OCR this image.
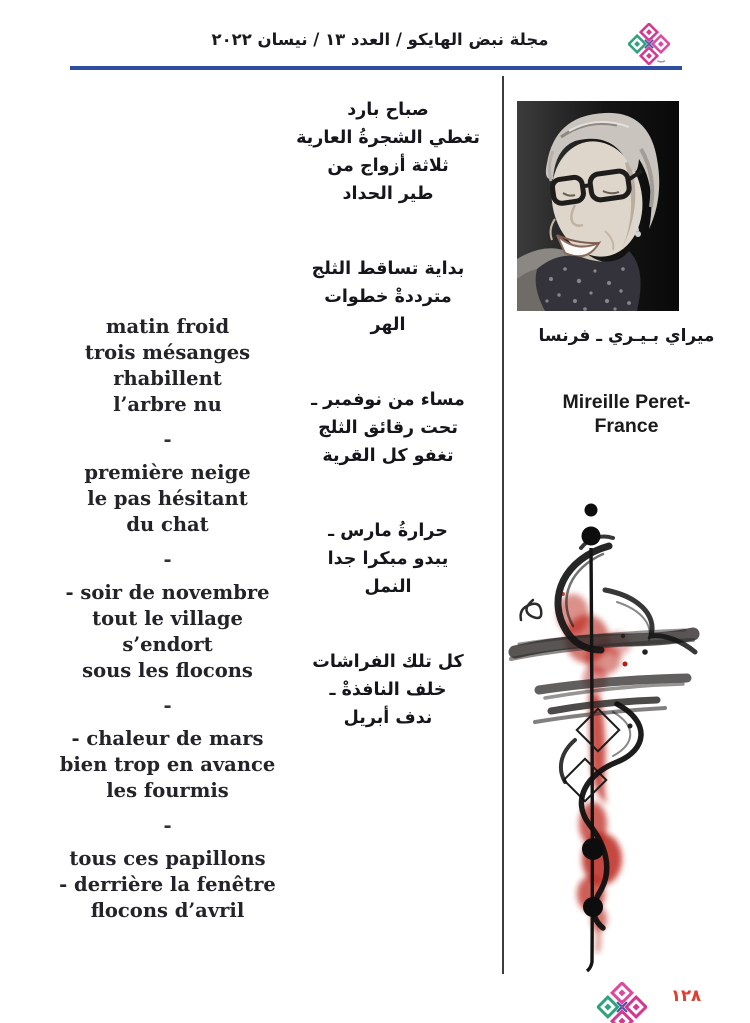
مجلة نبض الهايكو / العدد ١٣ / نيسان ٢٠٢٢
matin froid
trois mésanges
rhabillent
l’arbre nu
-
première neige
le pas hésitant
du chat
-
- soir de novembre
tout le village
s’endort
sous les flocons
-
- chaleur de mars
bien trop en avance
les fourmis
-
tous ces papillons
- derrière la fenêtre
flocons d’avril
صباح بارد
تغطي الشجرةُ العارية
ثلاثة أزواج من
طير الحداد
بداية تساقط الثلج
مترددةْ خطوات
الهر
مساء من نوفمبر ـ
تحت رقائق الثلج
تغفو كل القرية
حرارةُ مارس ـ
يبدو مبكرا جدا
النمل
كل تلك الفراشات
خلف النافذةْ ـ
ندف أبريل
ميراي بـيـري ـ فرنسا
Mireille Peret-
France
١٢٨
